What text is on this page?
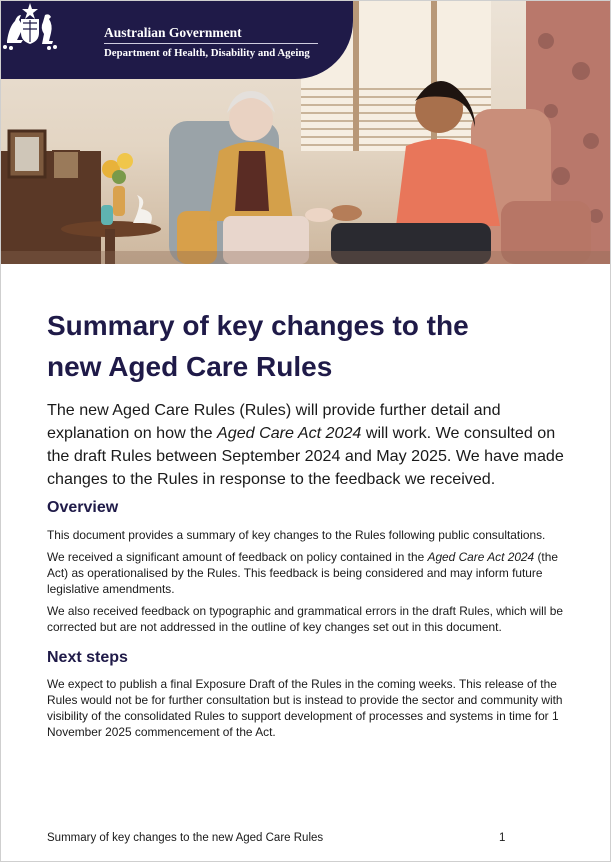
Australian Government
Department of Health, Disability and Ageing
Summary of key changes to the
new Aged Care Rules

The new Aged Care Rules (Rules) will provide further detail and explanation on how the Aged Care Act 2024 will work. We consulted on the draft Rules between September 2024 and May 2025. We have made changes to the Rules in response to the feedback we received.

Overview

This document provides a summary of key changes to the Rules following public consultations.

We received a significant amount of feedback on policy contained in the Aged Care Act 2024 (the Act) as operationalised by the Rules. This feedback is being considered and may inform future legislative amendments.

We also received feedback on typographic and grammatical errors in the draft Rules, which will be corrected but are not addressed in the outline of key changes set out in this document.

Next steps

We expect to publish a final Exposure Draft of the Rules in the coming weeks. This release of the Rules would not be for further consultation but is instead to provide the sector and community with visibility of the consolidated Rules to support development of processes and systems in time for 1 November 2025 commencement of the Act.

Summary of key changes to the new Aged Care Rules	1
